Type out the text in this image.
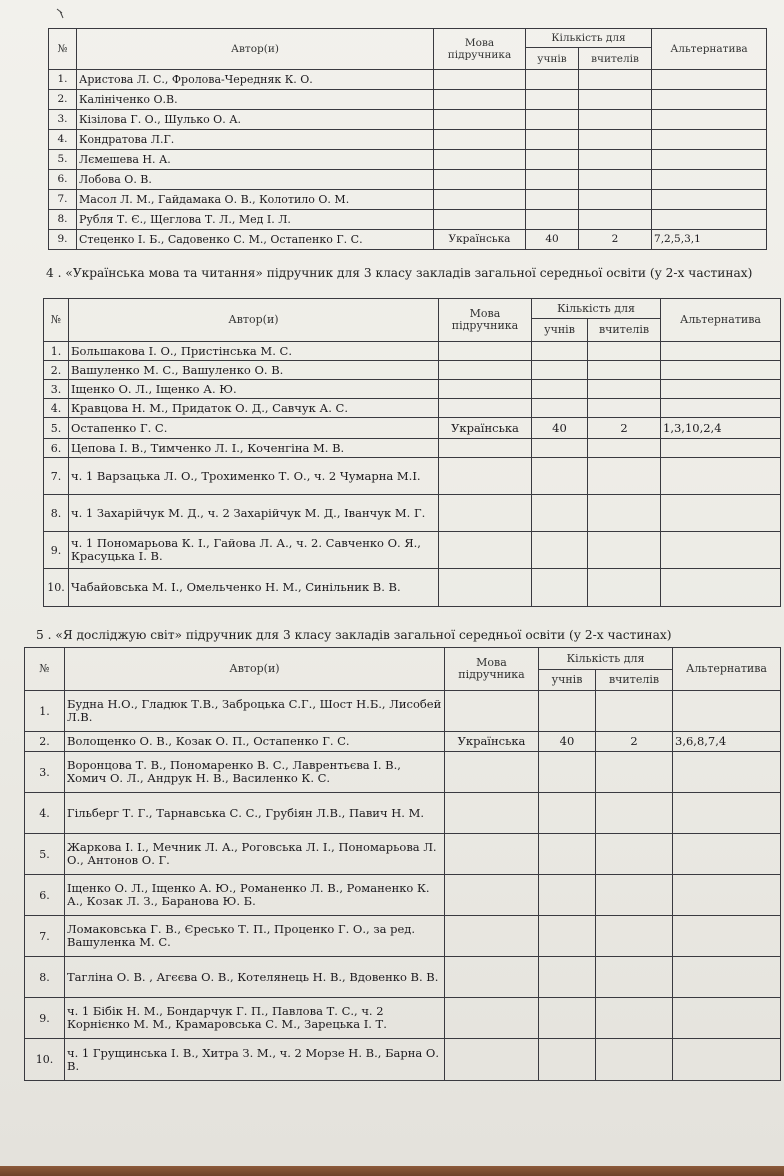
№	Автор(и)	Мова підручника	Кількість для		Альтернатива
			учнів	вчителів	
1.	Аристова Л. С., Фролова-Чередняк К. О.				
2.	Калініченко О.В.				
3.	Кізілова Г. О., Шулько О. А.				
4.	Кондратова Л.Г.				
5.	Лємешева Н. А.				
6.	Лобова О. В.				
7.	Масол Л. М., Гайдамака О. В., Колотило О. М.				
8.	Рубля Т. Є., Щеглова Т. Л., Мед І. Л.				
9.	Стеценко І. Б., Садовенко С. М., Остапенко Г. С.	Українська	40	2	7,2,5,3,1
4 . «Українська мова та читання» підручник для 3 класу закладів загальної середньої освіти (у 2-х частинах)
№	Автор(и)	Мова підручника	Кількість для		Альтернатива
			учнів	вчителів	
1.	Большакова І. О., Пристінська М. С.				
2.	Вашуленко М. С., Вашуленко О. В.				
3.	Іщенко О. Л., Іщенко А. Ю.				
4.	Кравцова Н. М., Придаток О. Д., Савчук А. С.				
5.	Остапенко Г. С.	Українська	40	2	1,3,10,2,4
6.	Цепова І. В., Тимченко Л. І., Коченгіна М. В.				
7.	ч. 1 Варзацька Л. О., Трохименко Т. О., ч. 2 Чумарна М.І.				
8.	ч. 1 Захарійчук М. Д., ч. 2 Захарійчук М. Д., Іванчук М. Г.				
9.	ч. 1 Пономарьова К. І., Гайова Л. А., ч. 2. Савченко О. Я., Красуцька І. В.				
10.	Чабайовська М. І., Омельченко Н. М., Синільник В. В.				
5 . «Я досліджую світ» підручник для 3 класу закладів загальної середньої освіти (у 2-х частинах)
№	Автор(и)	Мова підручника	Кількість для		Альтернатива
			учнів	вчителів	
1.	Будна Н.О., Гладюк Т.В., Заброцька С.Г., Шост Н.Б., Лисобей Л.В.				
2.	Волощенко О. В., Козак О. П., Остапенко Г. С.	Українська	40	2	3,6,8,7,4
3.	Воронцова Т. В., Пономаренко В. С., Лаврентьєва І. В., Хомич О. Л., Андрук Н. В., Василенко К. С.				
4.	Гільберг Т. Г., Тарнавська С. С., Грубіян Л.В., Павич Н. М.				
5.	Жаркова І. І., Мечник Л. А., Роговська Л. І., Пономарьова Л. О., Антонов О. Г.				
6.	Іщенко О. Л., Іщенко А. Ю., Романенко Л. В., Романенко К. А., Козак Л. З., Баранова Ю. Б.				
7.	Ломаковська Г. В., Єресько Т. П., Проценко Г. О., за ред. Вашуленка М. С.				
8.	Тагліна О. В. , Агєєва О. В., Котелянець Н. В., Вдовенко В. В.				
9.	ч. 1 Бібік Н. М., Бондарчук Г. П., Павлова Т. С., ч. 2 Корнієнко М. М., Крамаровська С. М., Зарецька І. Т.				
10.	ч. 1 Грущинська І. В., Хитра З. М., ч. 2 Морзе Н. В., Барна О. В.				
